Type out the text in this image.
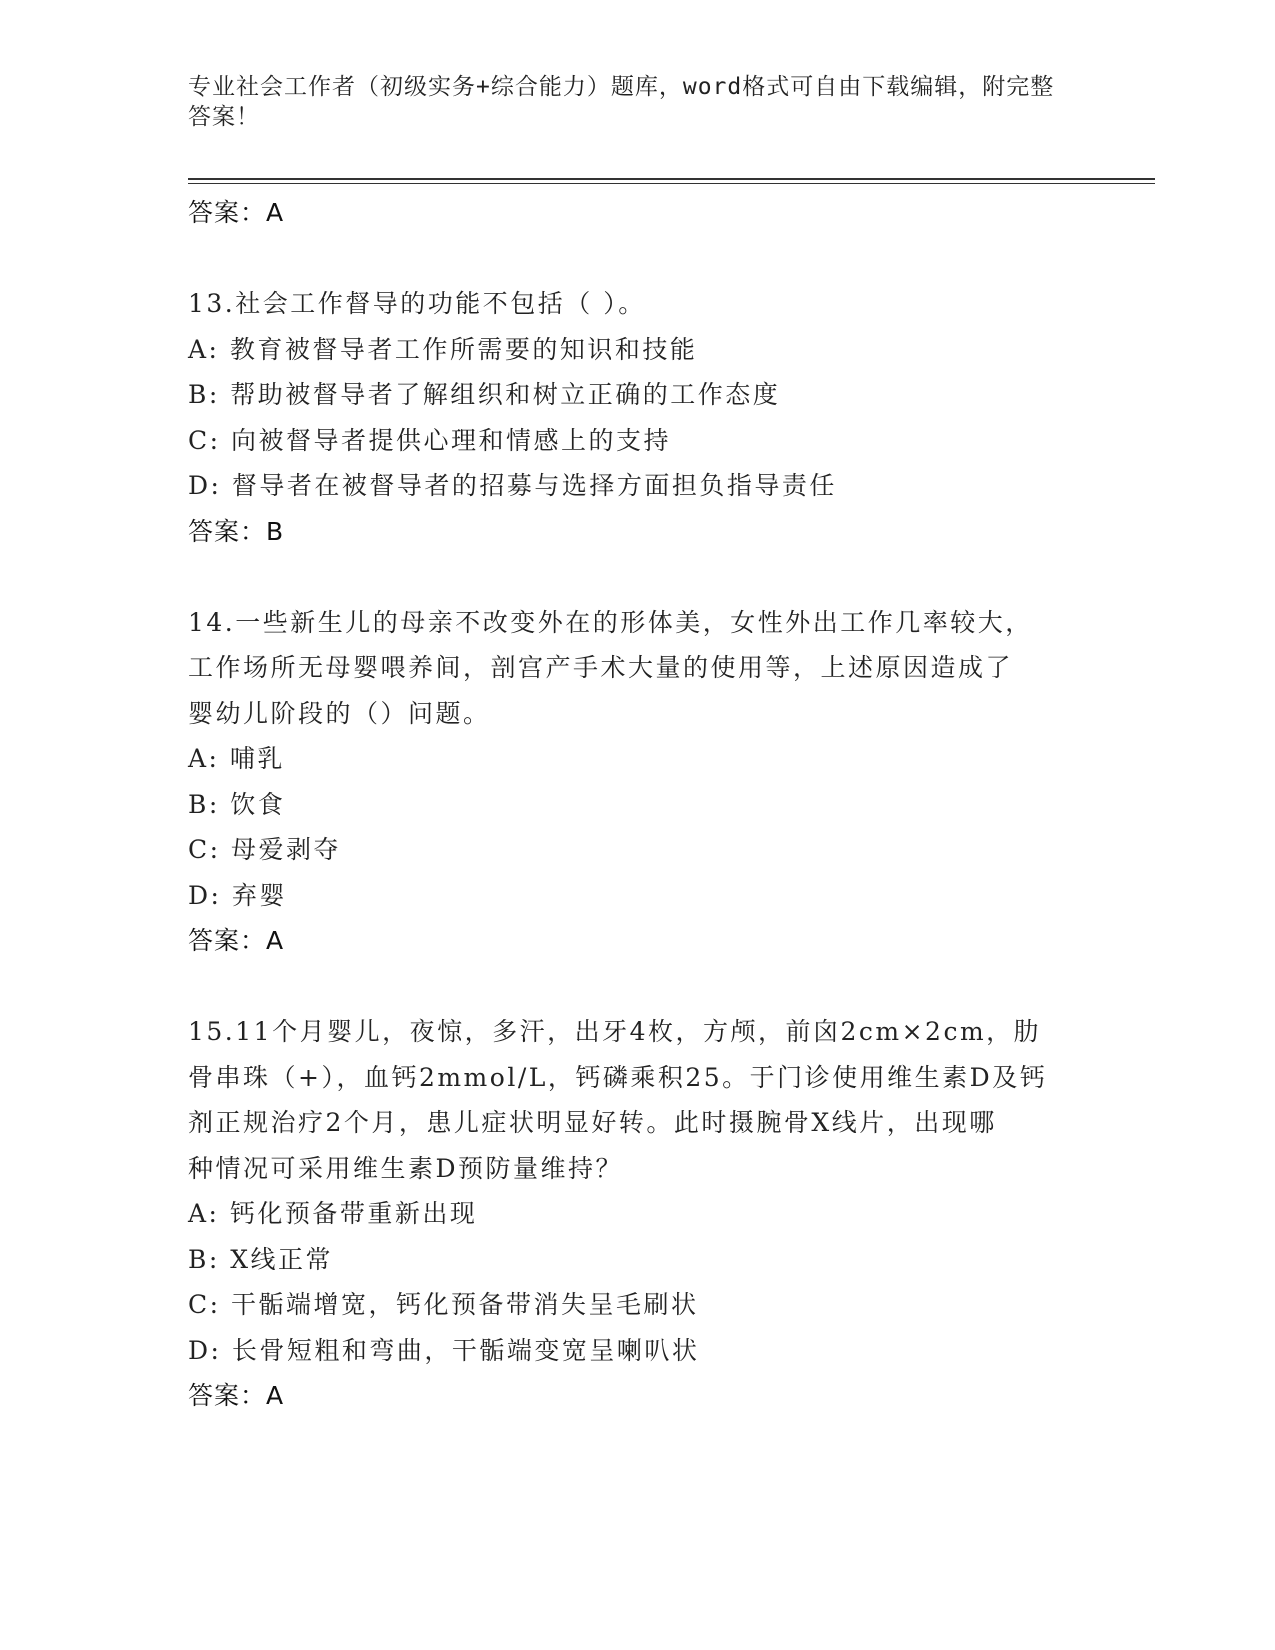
专业社会工作者（初级实务+综合能力）题库，word格式可自由下载编辑，附完整
答案！
答案：A
13.社会工作督导的功能不包括（ ）。
A: 教育被督导者工作所需要的知识和技能
B: 帮助被督导者了解组织和树立正确的工作态度
C: 向被督导者提供心理和情感上的支持
D: 督导者在被督导者的招募与选择方面担负指导责任
答案：B
14.一些新生儿的母亲不改变外在的形体美，女性外出工作几率较大，
工作场所无母婴喂养间，剖宫产手术大量的使用等，上述原因造成了
婴幼儿阶段的（）问题。
A: 哺乳
B: 饮食
C: 母爱剥夺
D: 弃婴
答案：A
15.11个月婴儿，夜惊，多汗，出牙4枚，方颅，前囟2cm×2cm，肋
骨串珠（+），血钙2mmol/L，钙磷乘积25。于门诊使用维生素D及钙
剂正规治疗2个月，患儿症状明显好转。此时摄腕骨X线片，出现哪
种情况可采用维生素D预防量维持？
A: 钙化预备带重新出现
B: X线正常
C: 干骺端增宽，钙化预备带消失呈毛刷状
D: 长骨短粗和弯曲，干骺端变宽呈喇叭状
答案：A
